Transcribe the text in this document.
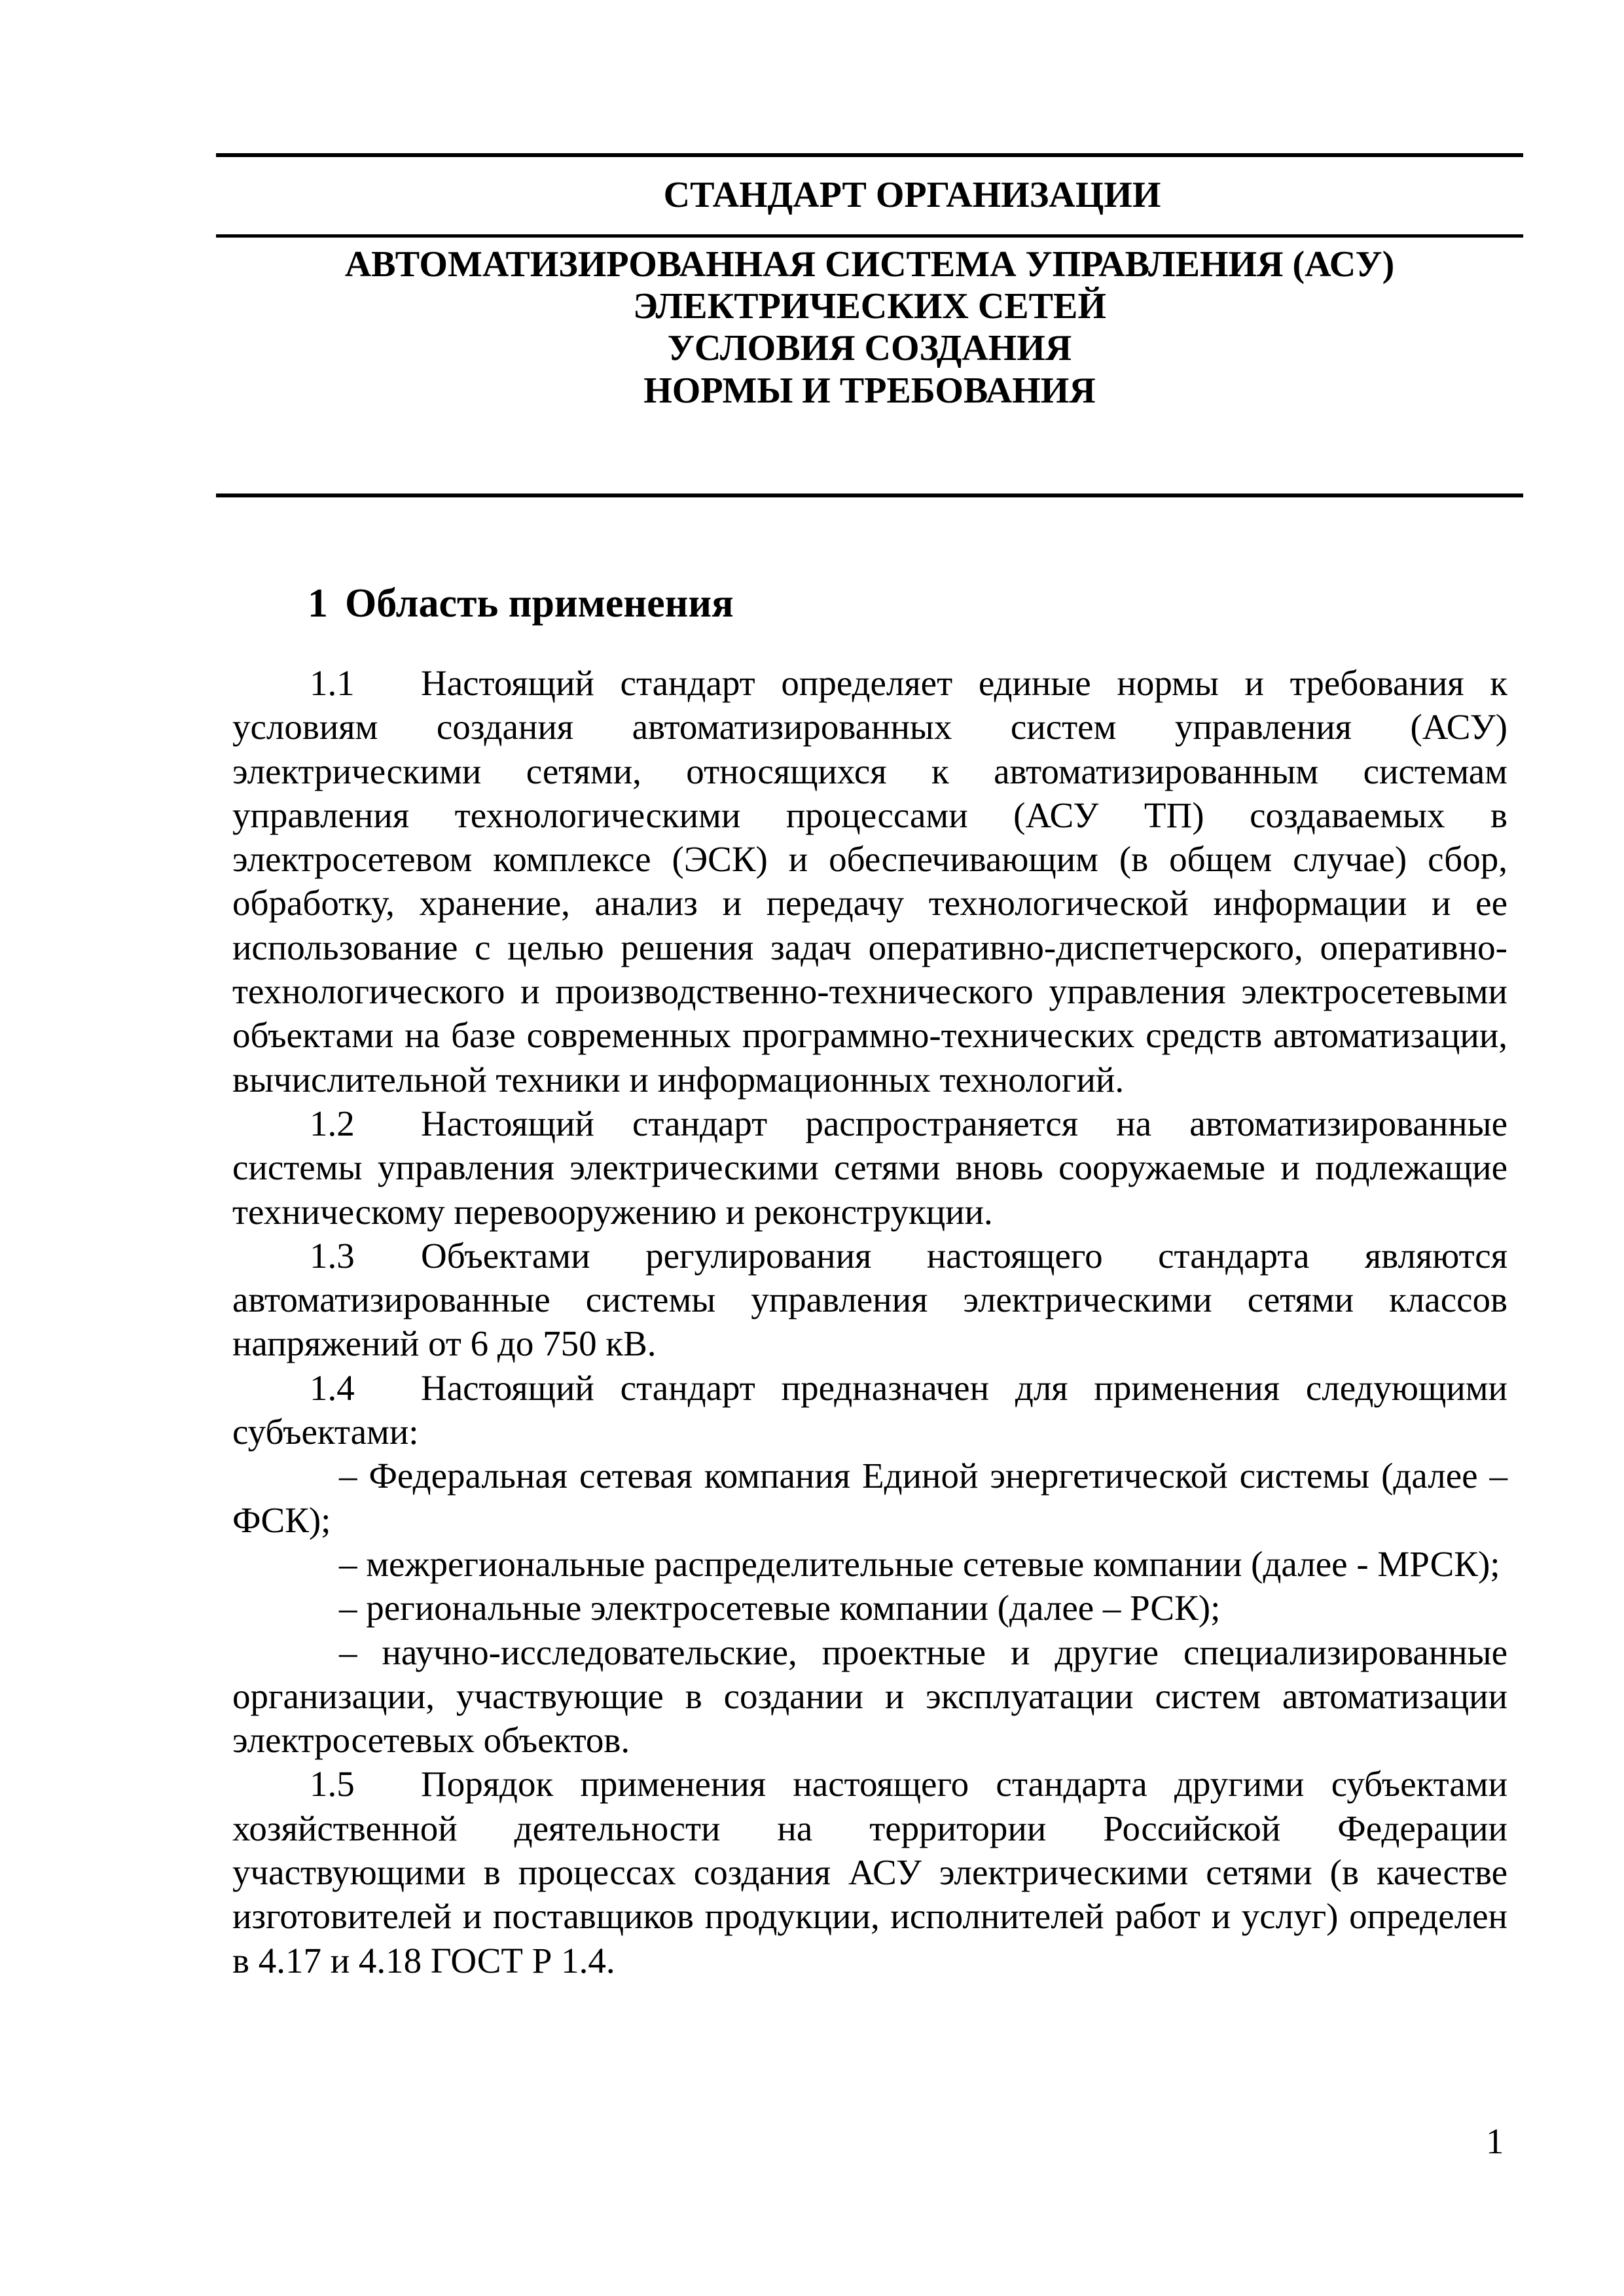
СТАНДАРТ ОРГАНИЗАЦИИ
АВТОМАТИЗИРОВАННАЯ СИСТЕМА УПРАВЛЕНИЯ (АСУ)
ЭЛЕКТРИЧЕСКИХ СЕТЕЙ
УСЛОВИЯ СОЗДАНИЯ
НОРМЫ И ТРЕБОВАНИЯ
1 Область применения

1.1 Настоящий стандарт определяет единые нормы и требования к условиям создания автоматизированных систем управления (АСУ) электрическими сетями, относящихся к автоматизированным системам управления технологическими процессами (АСУ ТП) создаваемых в электросетевом комплексе (ЭСК) и обеспечивающим (в общем случае) сбор, обработку, хранение, анализ и передачу технологической информации и ее использование с целью решения задач оперативно-диспетчерского, оперативно-технологического и производственно-технического управления электросетевыми объектами на базе современных программно-технических средств автоматизации, вычислительной техники и информационных технологий.

1.2 Настоящий стандарт распространяется на автоматизированные системы управления электрическими сетями вновь сооружаемые и подлежащие техническому перевооружению и реконструкции.

1.3 Объектами регулирования настоящего стандарта являются автоматизированные системы управления электрическими сетями классов напряжений от 6 до 750 кВ.

1.4 Настоящий стандарт предназначен для применения следующими субъектами:

– Федеральная сетевая компания Единой энергетической системы (далее – ФСК);

– межрегиональные распределительные сетевые компании (далее - МРСК);

– региональные электросетевые компании (далее – РСК);

– научно-исследовательские, проектные и другие специализированные организации, участвующие в создании и эксплуатации систем автоматизации электросетевых объектов.

1.5 Порядок применения настоящего стандарта другими субъектами хозяйственной деятельности на территории Российской Федерации участвующими в процессах создания АСУ электрическими сетями (в качестве изготовителей и поставщиков продукции, исполнителей работ и услуг) определен в 4.17 и 4.18 ГОСТ Р 1.4.

1
